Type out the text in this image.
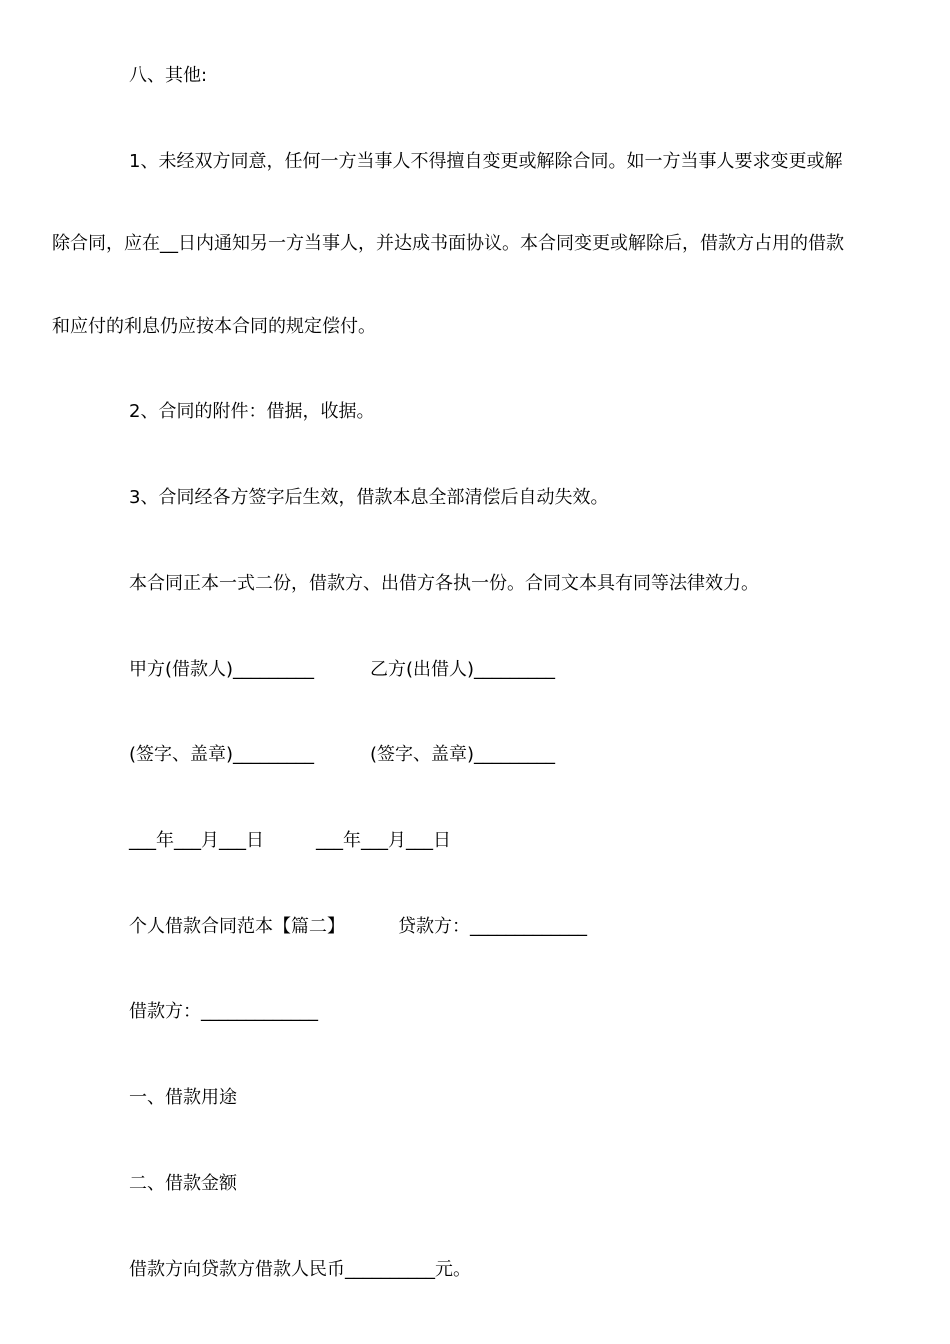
八、其他:
1、未经双方同意，任何一方当事人不得擅自变更或解除合同。如一方当事人要求变更或解
除合同，应在__日内通知另一方当事人，并达成书面协议。本合同变更或解除后，借款方占用的借款
和应付的利息仍应按本合同的规定偿付。
2、合同的附件：借据，收据。
3、合同经各方签字后生效，借款本息全部清偿后自动失效。
本合同正本一式二份，借款方、出借方各执一份。合同文本具有同等法律效力。
甲方(借款人)_________	乙方(出借人)_________
(签字、盖章)_________	(签字、盖章)_________
___年___月___日	___年___月___日
个人借款合同范本【篇二】	贷款方：_____________
借款方：_____________
一、借款用途
二、借款金额
借款方向贷款方借款人民币__________元。
